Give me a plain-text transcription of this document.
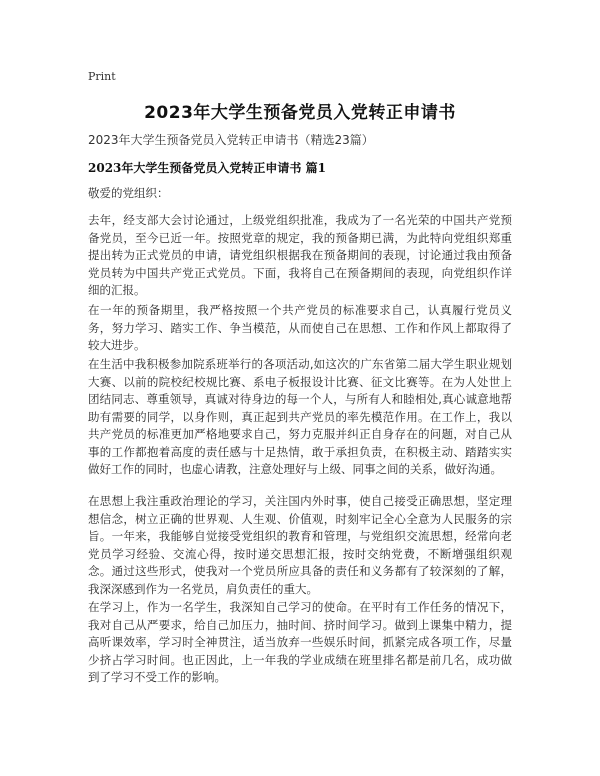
Print
2023年大学生预备党员入党转正申请书
2023年大学生预备党员入党转正申请书（精选23篇）
2023年大学生预备党员入党转正申请书 篇1

敬爱的党组织：

去年，经支部大会讨论通过，上级党组织批准，我成为了一名光荣的中国共产党预备党员，至今已近一年。按照党章的规定，我的预备期已满，为此特向党组织郑重提出转为正式党员的申请，请党组织根据我在预备期间的表现，讨论通过我由预备党员转为中国共产党正式党员。下面，我将自己在预备期间的表现，向党组织作详细的汇报。

在一年的预备期里，我严格按照一个共产党员的标准要求自己，认真履行党员义务，努力学习、踏实工作、争当模范，从而使自己在思想、工作和作风上都取得了较大进步。

在生活中我积极参加院系班举行的各项活动,如这次的广东省第二届大学生职业规划大赛、以前的院校纪校规比赛、系电子板报设计比赛、征文比赛等。在为人处世上团结同志、尊重领导，真诚对待身边的每一个人，与所有人和睦相处,真心诚意地帮助有需要的同学，以身作则，真正起到共产党员的率先模范作用。在工作上，我以共产党员的标准更加严格地要求自己，努力克服并纠正自身存在的问题，对自己从事的工作都抱着高度的责任感与十足热情，敢于承担负责，在积极主动、踏踏实实做好工作的同时，也虚心请教，注意处理好与上级、同事之间的关系，做好沟通。

在思想上我注重政治理论的学习，关注国内外时事，使自己接受正确思想，坚定理想信念，树立正确的世界观、人生观、价值观，时刻牢记全心全意为人民服务的宗旨。一年来，我能够自觉接受党组织的教育和管理，与党组织交流思想，经常向老党员学习经验、交流心得，按时递交思想汇报，按时交纳党费，不断增强组织观念。通过这些形式，使我对一个党员所应具备的责任和义务都有了较深刻的了解，我深深感到作为一名党员，肩负责任的重大。

在学习上，作为一名学生，我深知自己学习的使命。在平时有工作任务的情况下，我对自己从严要求，给自己加压力，抽时间、挤时间学习。做到上课集中精力，提高听课效率，学习时全神贯注，适当放弃一些娱乐时间，抓紧完成各项工作，尽量少挤占学习时间。也正因此，上一年我的学业成绩在班里排名都是前几名，成功做到了学习不受工作的影响。
